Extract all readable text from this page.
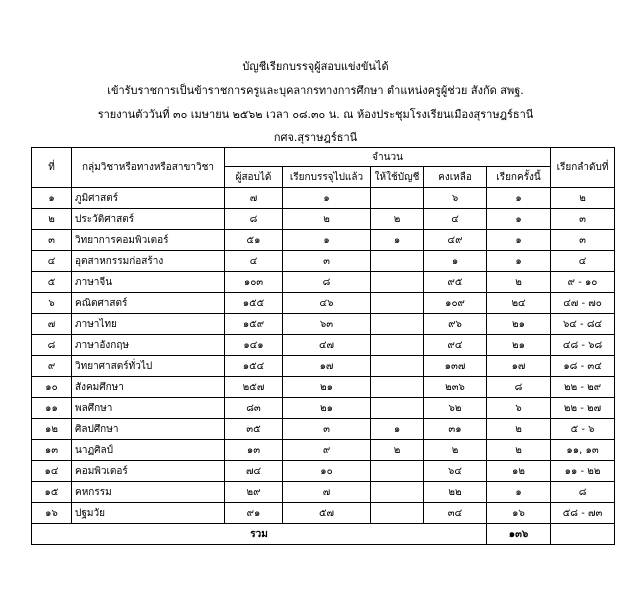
บัญชีเรียกบรรจุผู้สอบแข่งขันได้
เข้ารับราชการเป็นข้าราชการครูและบุคลากรทางการศึกษา ตำแหน่งครูผู้ช่วย สังกัด สพฐ.
รายงานตัววันที่ ๓๐ เมษายน ๒๕๖๒ เวลา ๐๘.๓๐ น. ณ ห้องประชุมโรงเรียนเมืองสุราษฎร์ธานี
กศจ.สุราษฎร์ธานี
ที่	กลุ่มวิชาหรือทางหรือสาขาวิชา	จำนวน					เรียกลำดับที่
		ผู้สอบได้	เรียกบรรจุไปแล้ว	ให้ใช้บัญชี	คงเหลือ	เรียกครั้งนี้	
๑	ภูมิศาสตร์	๗	๑		๖	๑	๒
๒	ประวัติศาสตร์	๘	๒	๒	๔	๑	๓
๓	วิทยาการคอมพิวเตอร์	๕๑	๑	๑	๔๙	๑	๓
๔	อุตสาหกรรมก่อสร้าง	๔	๓		๑	๑	๔
๕	ภาษาจีน	๑๐๓	๘		๙๕	๒	๙ - ๑๐
๖	คณิตศาสตร์	๑๕๕	๔๖		๑๐๙	๒๔	๔๗ - ๗๐
๗	ภาษาไทย	๑๕๙	๖๓		๙๖	๒๑	๖๔ - ๘๔
๘	ภาษาอังกฤษ	๑๔๑	๔๗		๙๔	๒๑	๔๘ - ๖๘
๙	วิทยาศาสตร์ทั่วไป	๑๕๔	๑๗		๑๓๗	๑๗	๑๘ - ๓๔
๑๐	สังคมศึกษา	๒๕๗	๒๑		๒๓๖	๘	๒๒ - ๒๙
๑๑	พลศึกษา	๘๓	๒๑		๖๒	๖	๒๒ - ๒๗
๑๒	ศิลปศึกษา	๓๕	๓	๑	๓๑	๒	๕ - ๖
๑๓	นาฏศิลป์	๑๓	๙	๒	๒	๒	๑๑, ๑๓
๑๔	คอมพิวเตอร์	๗๔	๑๐		๖๔	๑๒	๑๑ - ๒๒
๑๕	คหกรรม	๒๙	๗		๒๒	๑	๘
๑๖	ปฐมวัย	๙๑	๕๗		๓๔	๑๖	๕๘ - ๗๓
รวม						๑๓๖	
